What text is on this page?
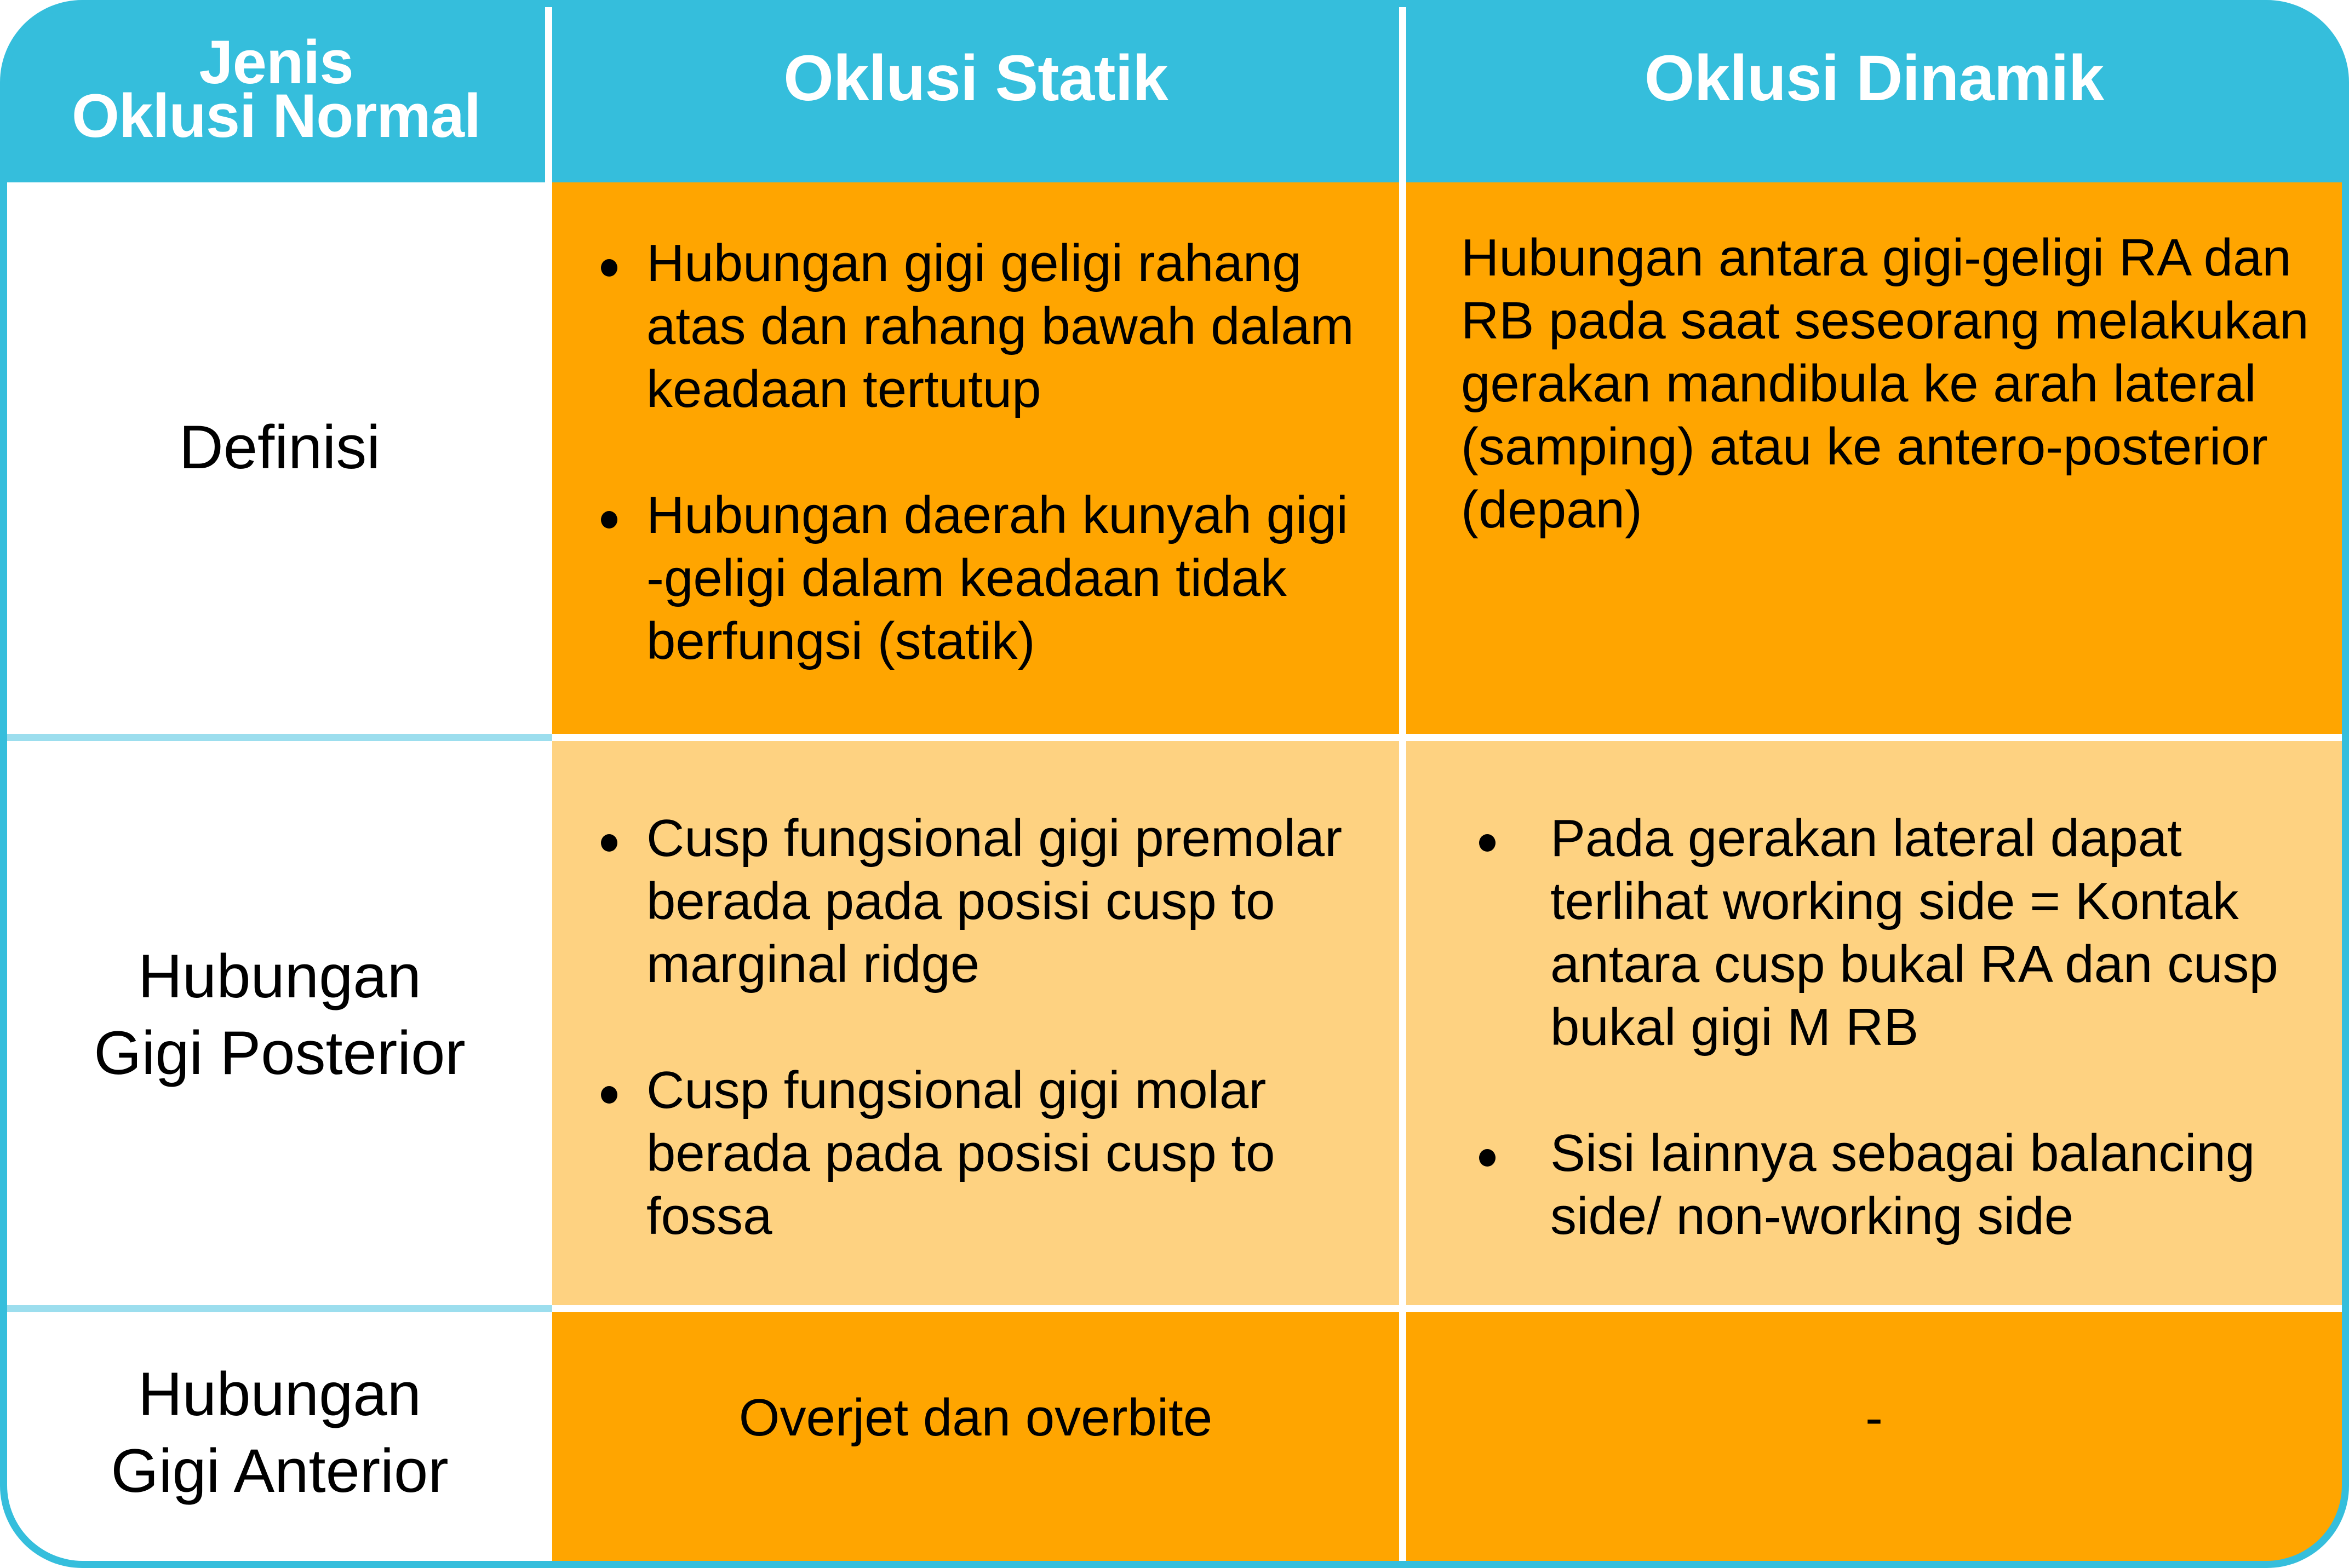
Jenis
Oklusi Normal
Oklusi Statik	Oklusi Dinamik
Definisi
Hubungan gigi geligi rahang atas dan rahang bawah dalam keadaan tertutup
Hubungan daerah kunyah gigi -geligi dalam keadaan tidak berfungsi (statik)
Hubungan antara gigi-geligi RA dan RB pada saat seseorang melakukan gerakan mandibula ke arah lateral (samping) atau ke antero-posterior (depan)
Hubungan
Gigi Posterior
Cusp fungsional gigi premolar berada pada posisi cusp to marginal ridge
Cusp fungsional gigi molar berada pada posisi cusp to fossa
Pada gerakan lateral dapat terlihat working side = Kontak antara cusp bukal RA dan cusp bukal gigi M RB
Sisi lainnya sebagai balancing side/ non-working side
Hubungan
Gigi Anterior
Overjet dan overbite	-
